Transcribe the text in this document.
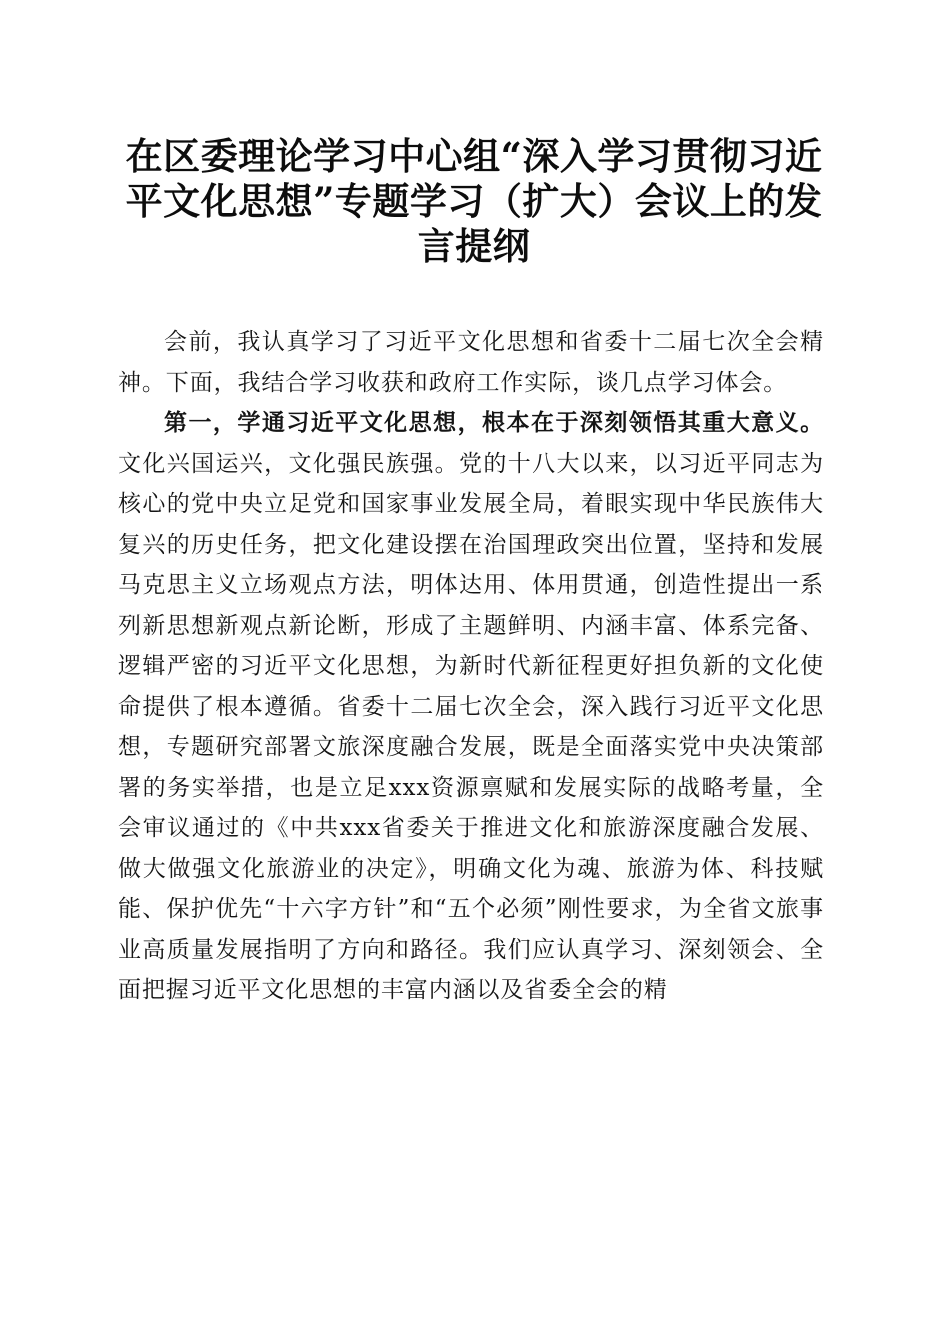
在区委理论学习中心组“深入学习贯彻习近平文化思想”专题学习（扩大）会议上的发言提纲

会前，我认真学习了习近平文化思想和省委十二届七次全会精神。下面，我结合学习收获和政府工作实际，谈几点学习体会。

第一，学通习近平文化思想，根本在于深刻领悟其重大意义。文化兴国运兴，文化强民族强。党的十八大以来，以习近平同志为核心的党中央立足党和国家事业发展全局，着眼实现中华民族伟大复兴的历史任务，把文化建设摆在治国理政突出位置，坚持和发展马克思主义立场观点方法，明体达用、体用贯通，创造性提出一系列新思想新观点新论断，形成了主题鲜明、内涵丰富、体系完备、逻辑严密的习近平文化思想，为新时代新征程更好担负新的文化使命提供了根本遵循。省委十二届七次全会，深入践行习近平文化思想，专题研究部署文旅深度融合发展，既是全面落实党中央决策部署的务实举措，也是立足xxx资源禀赋和发展实际的战略考量，全会审议通过的《中共xxx省委关于推进文化和旅游深度融合发展、做大做强文化旅游业的决定》，明确文化为魂、旅游为体、科技赋能、保护优先“十六字方针”和“五个必须”刚性要求，为全省文旅事业高质量发展指明了方向和路径。我们应认真学习、深刻领会、全面把握习近平文化思想的丰富内涵以及省委全会的精
